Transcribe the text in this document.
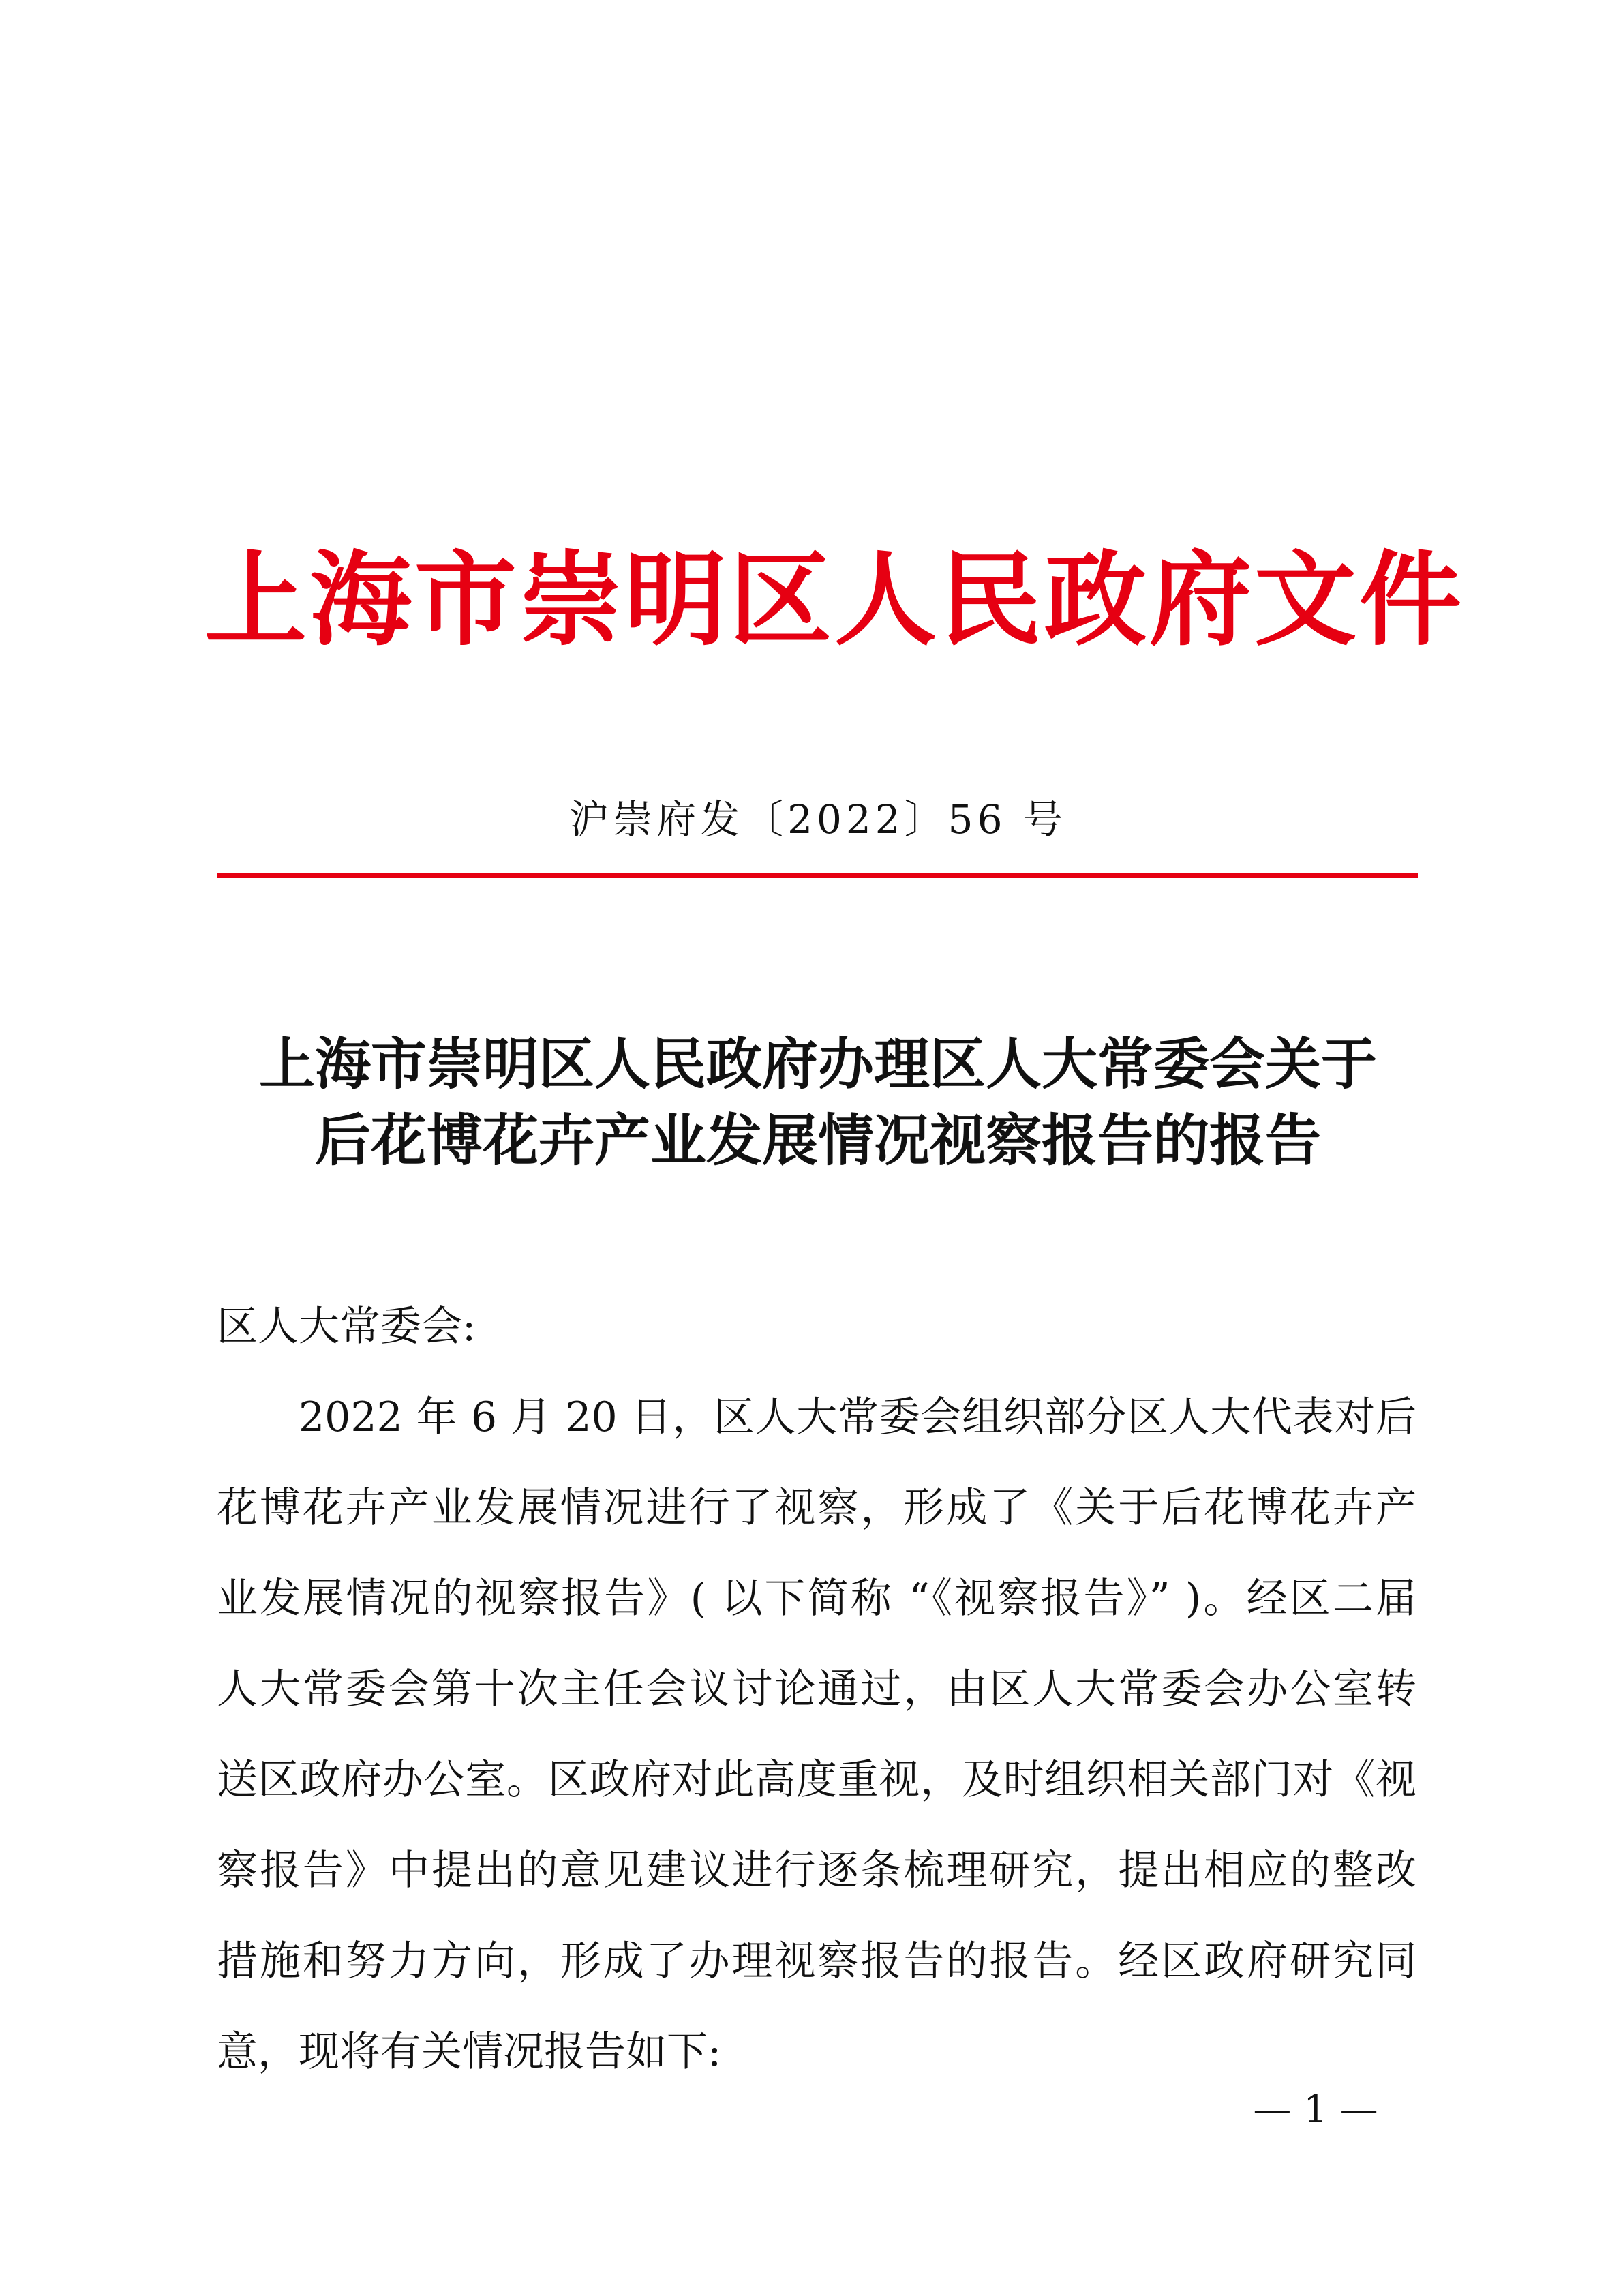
上海市崇明区人民政府文件
沪崇府发〔2022〕56 号
上海市崇明区人民政府办理区人大常委会关于
后花博花卉产业发展情况视察报告的报告
区人大常委会:
2022 年 6 月 20 日，区人大常委会组织部分区人大代表对后
花博花卉产业发展情况进行了视察，形成了《关于后花博花卉产
业发展情况的视察报告》( 以下简称 “《视察报告》” )。经区二届
人大常委会第十次主任会议讨论通过，由区人大常委会办公室转
送区政府办公室。区政府对此高度重视，及时组织相关部门对《视
察报告》中提出的意见建议进行逐条梳理研究，提出相应的整改
措施和努力方向，形成了办理视察报告的报告。经区政府研究同
意，现将有关情况报告如下:
— 1 —
